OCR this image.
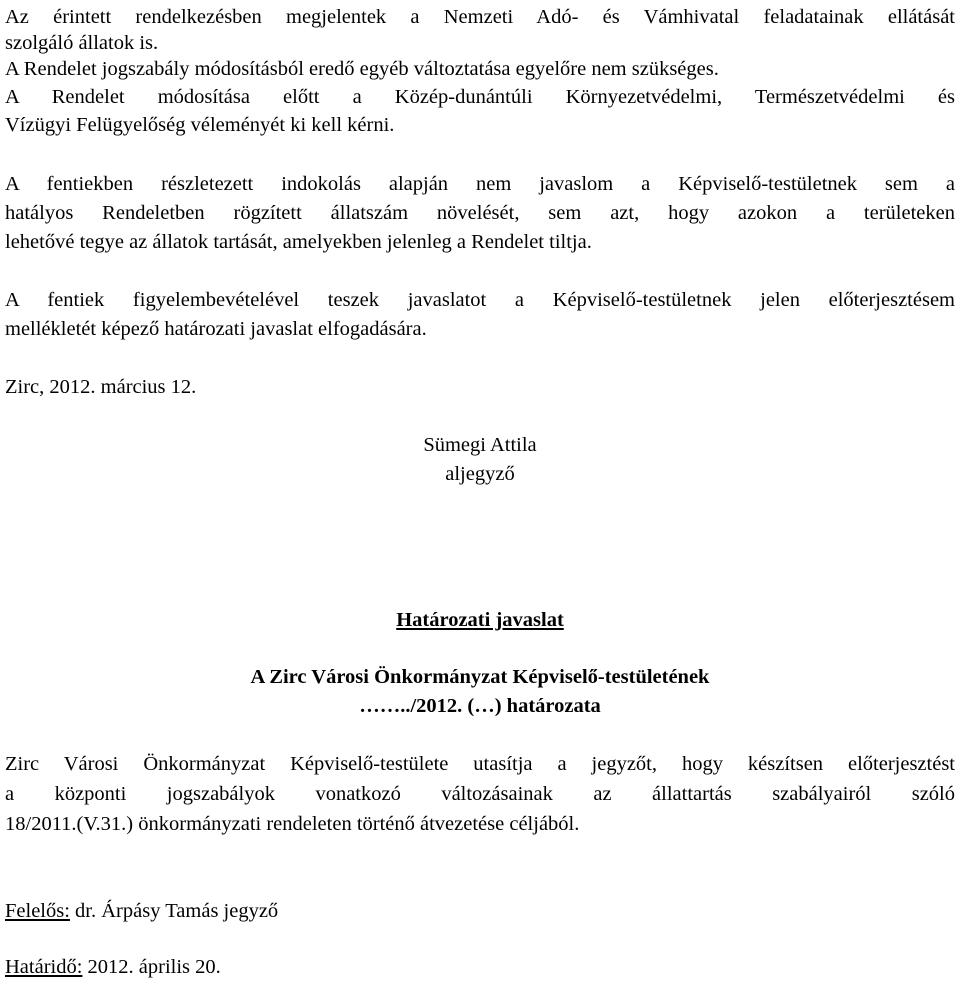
Az érintett rendelkezésben megjelentek a Nemzeti Adó- és Vámhivatal feladatainak ellátását
szolgáló állatok is.
A Rendelet jogszabály módosításból eredő egyéb változtatása egyelőre nem szükséges.
A Rendelet módosítása előtt a Közép-dunántúli Környezetvédelmi, Természetvédelmi és
Vízügyi Felügyelőség véleményét ki kell kérni.
A fentiekben részletezett indokolás alapján nem javaslom a Képviselő-testületnek sem a
hatályos Rendeletben rögzített állatszám növelését, sem azt, hogy azokon a területeken
lehetővé tegye az állatok tartását, amelyekben jelenleg a Rendelet tiltja.
A fentiek figyelembevételével teszek javaslatot a Képviselő-testületnek jelen előterjesztésem
mellékletét képező határozati javaslat elfogadására.
Zirc, 2012. március 12.
Sümegi Attila
aljegyző
Határozati javaslat
A Zirc Városi Önkormányzat Képviselő-testületének
……../2012. (…) határozata
Zirc Városi Önkormányzat Képviselő-testülete utasítja a jegyzőt, hogy készítsen előterjesztést
a központi jogszabályok vonatkozó változásainak az állattartás szabályairól szóló
18/2011.(V.31.) önkormányzati rendeleten történő átvezetése céljából.
Felelős: dr. Árpásy Tamás jegyző
Határidő: 2012. április 20.
